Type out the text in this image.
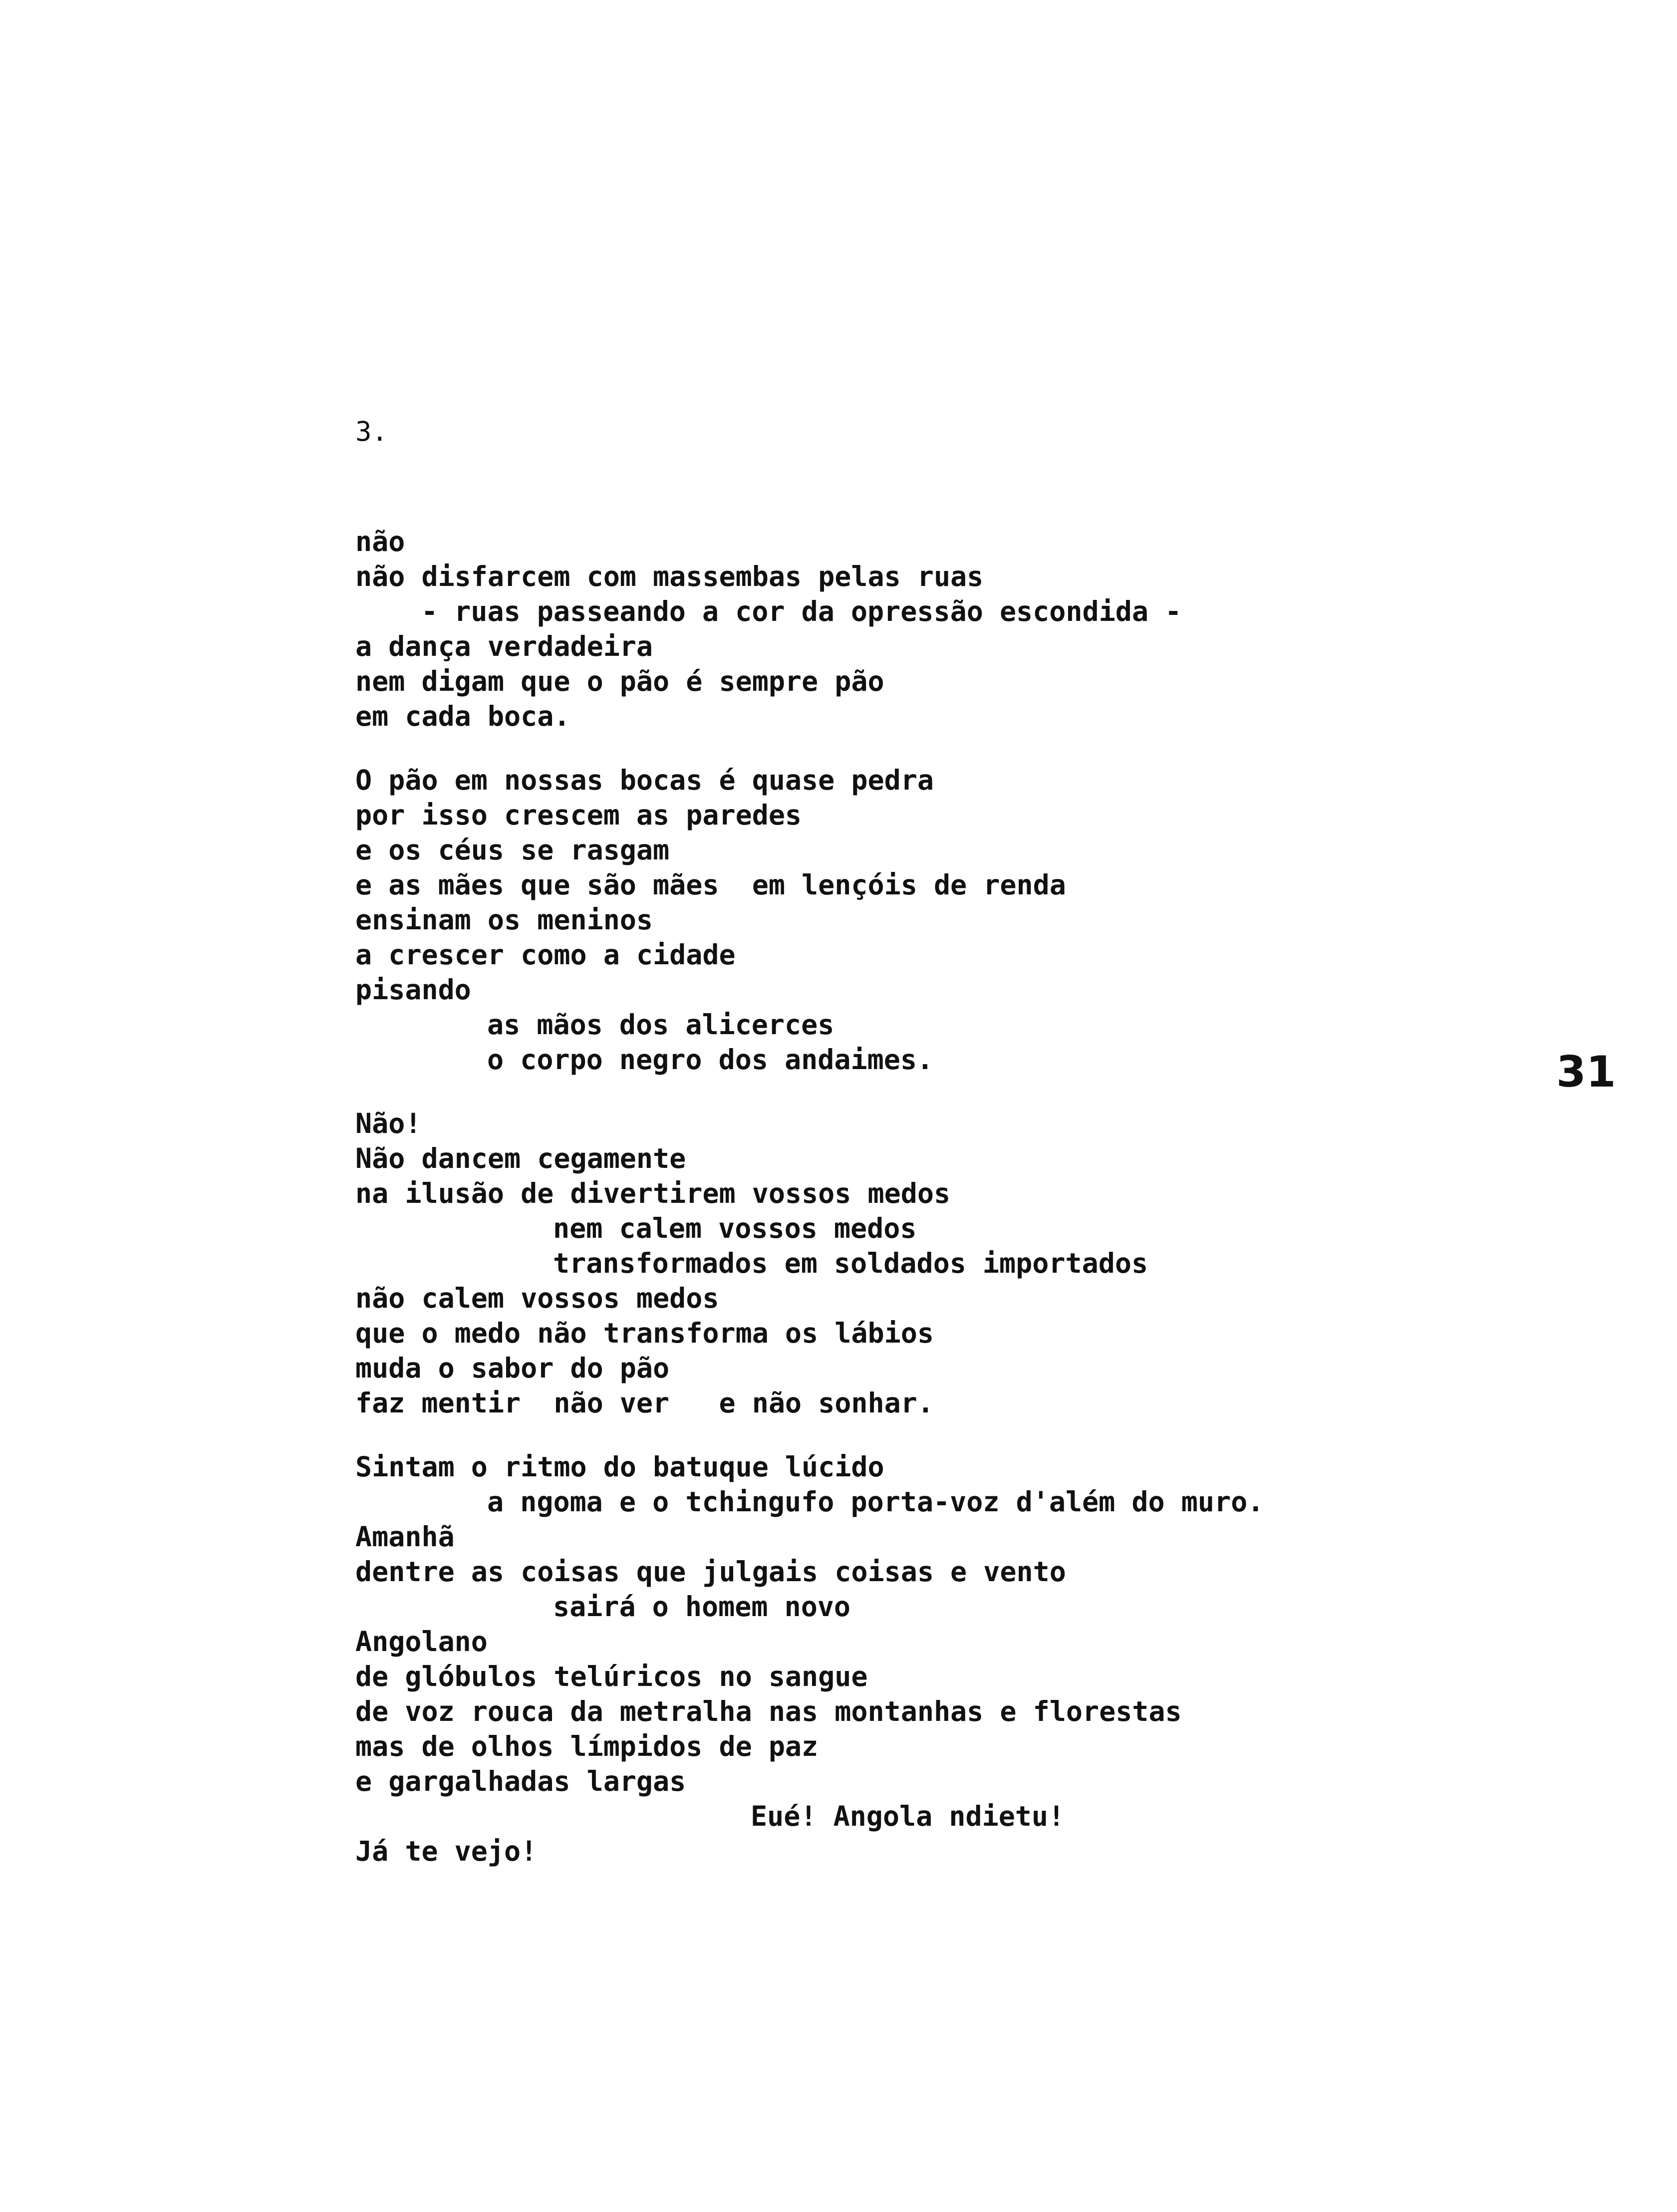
3.
não
não disfarcem com massembas pelas ruas
- ruas passeando a cor da opressão escondida -
a dança verdadeira
nem digam que o pão é sempre pão
em cada boca.
O pão em nossas bocas é quase pedra
por isso crescem as paredes
e os céus se rasgam
e as mães que são mães  em lençóis de renda
ensinam os meninos
a crescer como a cidade
pisando
as mãos dos alicerces
o corpo negro dos andaimes.
Não!
Não dancem cegamente
na ilusão de divertirem vossos medos
nem calem vossos medos
transformados em soldados importados
não calem vossos medos
que o medo não transforma os lábios
muda o sabor do pão
faz mentir  não ver   e não sonhar.
Sintam o ritmo do batuque lúcido
a ngoma e o tchingufo porta-voz d'além do muro.
Amanhã
dentre as coisas que julgais coisas e vento
sairá o homem novo
Angolano
de glóbulos telúricos no sangue
de voz rouca da metralha nas montanhas e florestas
mas de olhos límpidos de paz
e gargalhadas largas
Eué! Angola ndietu!
Já te vejo!
31
